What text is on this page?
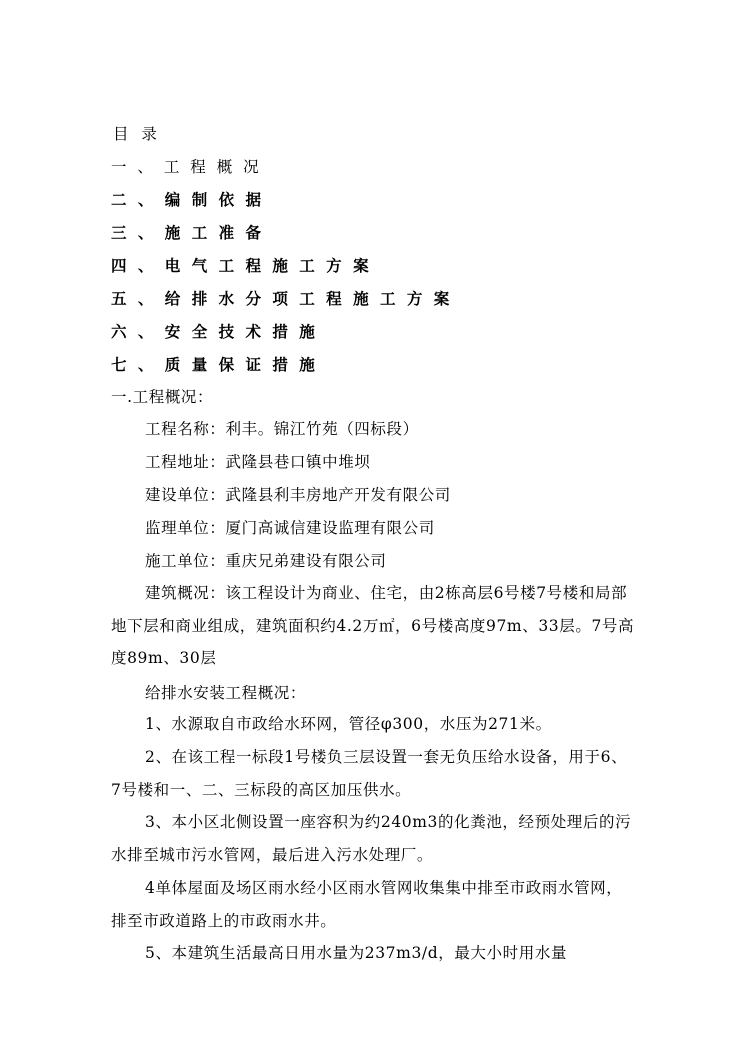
目 录

一 、 工 程 概 况

二 、 编 制 依 据

三 、 施 工 准 备

四 、 电 气 工 程 施 工 方 案

五 、 给 排 水 分 项 工 程 施 工 方 案

六 、 安 全 技 术 措 施

七 、 质 量 保 证 措 施

一.工程概况：

工程名称：利丰。锦江竹苑（四标段）

工程地址：武隆县巷口镇中堆坝

建设单位：武隆县利丰房地产开发有限公司

监理单位：厦门高诚信建设监理有限公司

施工单位：重庆兄弟建设有限公司

建筑概况：该工程设计为商业、住宅，由2栋高层6号楼7号楼和局部地下层和商业组成，建筑面积约4.2万㎡，6号楼高度97m、33层。7号高度89m、30层

给排水安装工程概况：

1、水源取自市政给水环网，管径φ300，水压为271米。

2、在该工程一标段1号楼负三层设置一套无负压给水设备，用于6、7号楼和一、二、三标段的高区加压供水。

3、本小区北侧设置一座容积为约240m3的化粪池，经预处理后的污水排至城市污水管网，最后进入污水处理厂。

4单体屋面及场区雨水经小区雨水管网收集集中排至市政雨水管网，排至市政道路上的市政雨水井。

5、本建筑生活最高日用水量为237m3/d，最大小时用水量
